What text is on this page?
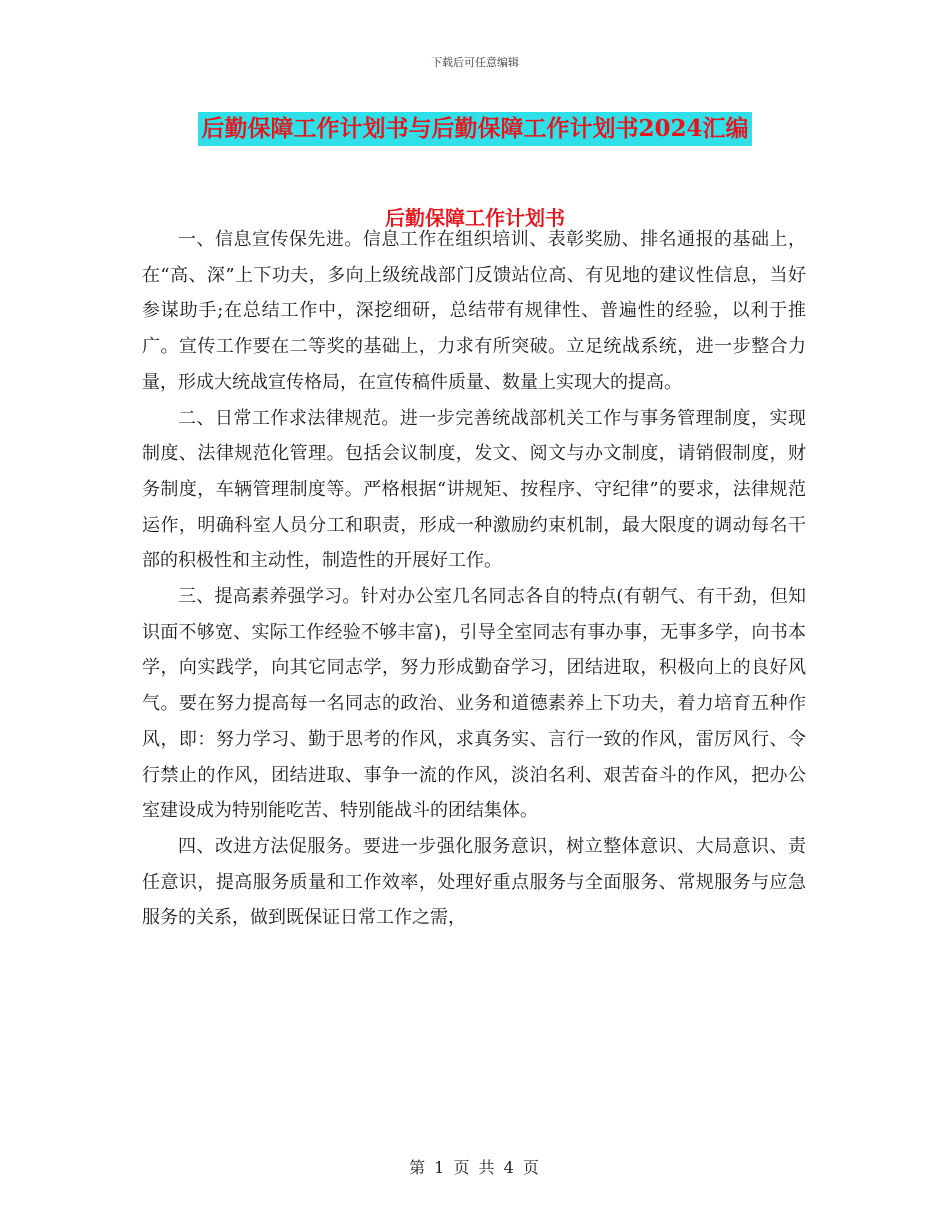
下载后可任意编辑
后勤保障工作计划书与后勤保障工作计划书2024汇编
后勤保障工作计划书

一、信息宣传保先进。信息工作在组织培训、表彰奖励、排名通报的基础上，在“高、深”上下功夫，多向上级统战部门反馈站位高、有见地的建议性信息，当好参谋助手;在总结工作中，深挖细研，总结带有规律性、普遍性的经验，以利于推广。宣传工作要在二等奖的基础上，力求有所突破。立足统战系统，进一步整合力量，形成大统战宣传格局，在宣传稿件质量、数量上实现大的提高。

二、日常工作求法律规范。进一步完善统战部机关工作与事务管理制度，实现制度、法律规范化管理。包括会议制度，发文、阅文与办文制度，请销假制度，财务制度，车辆管理制度等。严格根据“讲规矩、按程序、守纪律”的要求，法律规范运作，明确科室人员分工和职责，形成一种激励约束机制，最大限度的调动每名干部的积极性和主动性，制造性的开展好工作。

三、提高素养强学习。针对办公室几名同志各自的特点(有朝气、有干劲，但知识面不够宽、实际工作经验不够丰富)，引导全室同志有事办事，无事多学，向书本学，向实践学，向其它同志学，努力形成勤奋学习，团结进取，积极向上的良好风气。要在努力提高每一名同志的政治、业务和道德素养上下功夫，着力培育五种作风，即：努力学习、勤于思考的作风，求真务实、言行一致的作风，雷厉风行、令行禁止的作风，团结进取、事争一流的作风，淡泊名利、艰苦奋斗的作风，把办公室建设成为特别能吃苦、特别能战斗的团结集体。

四、改进方法促服务。要进一步强化服务意识，树立整体意识、大局意识、责任意识，提高服务质量和工作效率，处理好重点服务与全面服务、常规服务与应急服务的关系，做到既保证日常工作之需，

第 1 页 共 4 页
